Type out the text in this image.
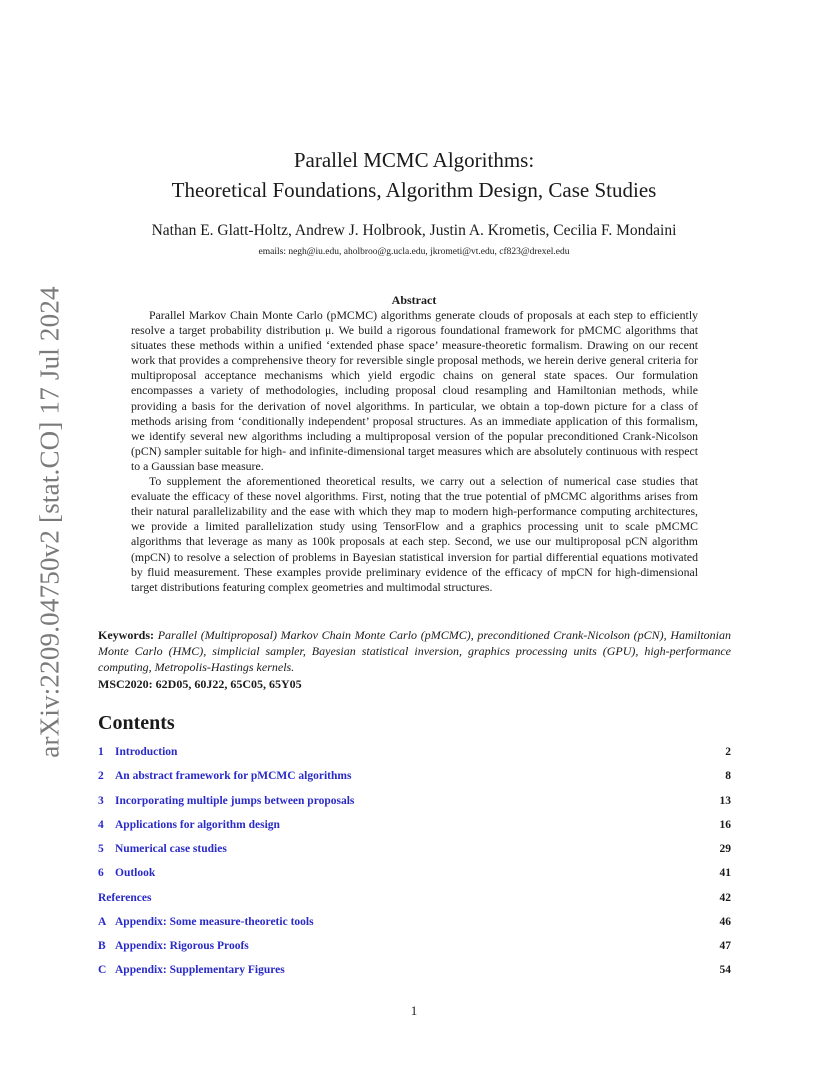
arXiv:2209.04750v2 [stat.CO] 17 Jul 2024
Parallel MCMC Algorithms:
Theoretical Foundations, Algorithm Design, Case Studies
Nathan E. Glatt-Holtz, Andrew J. Holbrook, Justin A. Krometis, Cecilia F. Mondaini
emails: negh@iu.edu, aholbroo@g.ucla.edu, jkrometi@vt.edu, cf823@drexel.edu
Abstract

Parallel Markov Chain Monte Carlo (pMCMC) algorithms generate clouds of proposals at each step to efficiently resolve a target probability distribution μ. We build a rigorous foundational framework for pMCMC algorithms that situates these methods within a unified ‘extended phase space’ measure-theoretic formalism. Drawing on our recent work that provides a comprehensive theory for reversible single proposal methods, we herein derive general criteria for multiproposal acceptance mechanisms which yield ergodic chains on general state spaces. Our formulation encompasses a variety of methodologies, including proposal cloud resampling and Hamiltonian methods, while providing a basis for the derivation of novel algorithms. In particular, we obtain a top-down picture for a class of methods arising from ‘conditionally independent’ proposal structures. As an immediate application of this formalism, we identify several new algorithms including a multiproposal version of the popular preconditioned Crank-Nicolson (pCN) sampler suitable for high- and infinite-dimensional target measures which are absolutely continuous with respect to a Gaussian base measure.

To supplement the aforementioned theoretical results, we carry out a selection of numerical case studies that evaluate the efficacy of these novel algorithms. First, noting that the true potential of pMCMC algorithms arises from their natural parallelizability and the ease with which they map to modern high-performance computing architectures, we provide a limited parallelization study using TensorFlow and a graphics processing unit to scale pMCMC algorithms that leverage as many as 100k proposals at each step. Second, we use our multiproposal pCN algorithm (mpCN) to resolve a selection of problems in Bayesian statistical inversion for partial differential equations motivated by fluid measurement. These examples provide preliminary evidence of the efficacy of mpCN for high-dimensional target distributions featuring complex geometries and multimodal structures.

Keywords: Parallel (Multiproposal) Markov Chain Monte Carlo (pMCMC), preconditioned Crank-Nicolson (pCN), Hamiltonian Monte Carlo (HMC), simplicial sampler, Bayesian statistical inversion, graphics processing units (GPU), high-performance computing, Metropolis-Hastings kernels.
MSC2020: 62D05, 60J22, 65C05, 65Y05
Contents
1 Introduction	2
2 An abstract framework for pMCMC algorithms	8
3 Incorporating multiple jumps between proposals	13
4 Applications for algorithm design	16
5 Numerical case studies	29
6 Outlook	41
References	42
A Appendix: Some measure-theoretic tools	46
B Appendix: Rigorous Proofs	47
C Appendix: Supplementary Figures	54
1
